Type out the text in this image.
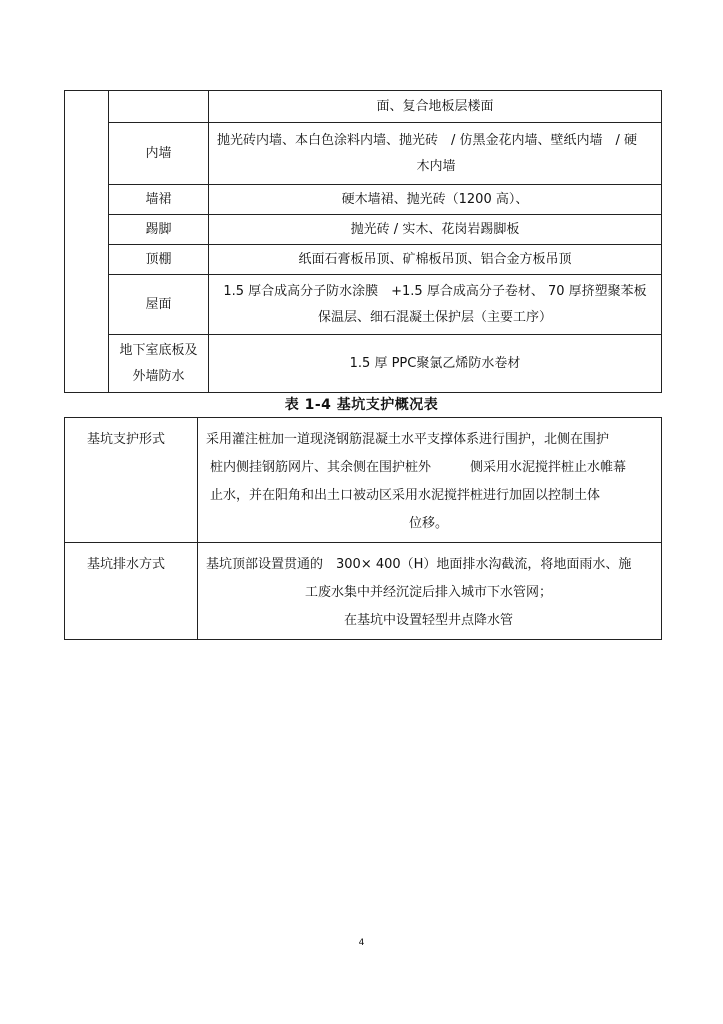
		面、复合地板层楼面

	内墙	抛光砖内墙、本白色涂料内墙、抛光砖　/ 仿黑金花内墙、壁纸内墙　/ 硬
木内墙

	墙裙	硬木墙裙、抛光砖（1200 高）、

	踢脚	抛光砖 / 实木、花岗岩踢脚板

	顶棚	纸面石膏板吊顶、矿棉板吊顶、铝合金方板吊顶

	屋面	1.5 厚合成高分子防水涂膜　+1.5 厚合成高分子卷材、 70 厚挤塑聚苯板
保温层、细石混凝土保护层（主要工序）

	地下室底板及
外墙防水	1.5 厚 PPC聚氯乙烯防水卷材
表 1-4 基坑支护概况表
基坑支护形式	采用灌注桩加一道现浇钢筋混凝土水平支撑体系进行围护，北侧在围护
桩内侧挂钢筋网片、其余侧在围护桩外　　　侧采用水泥搅拌桩止水帷幕
止水，并在阳角和出土口被动区采用水泥搅拌桩进行加固以控制土体
位移。

基坑排水方式	基坑顶部设置贯通的　300× 400（H）地面排水沟截流，将地面雨水、施
工废水集中并经沉淀后排入城市下水管网；
在基坑中设置轻型井点降水管
4
